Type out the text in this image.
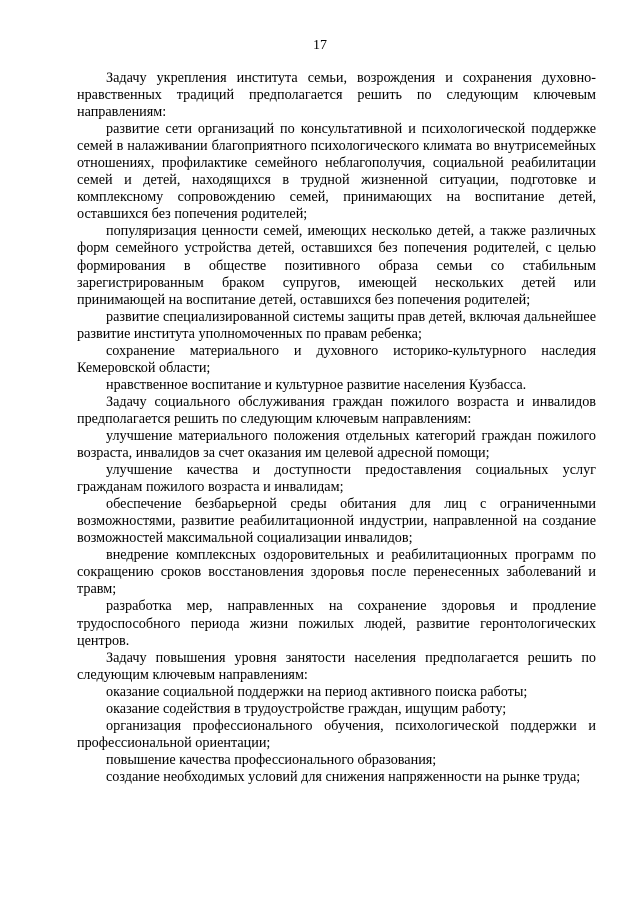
17

Задачу укрепления института семьи, возрождения и сохранения духовно-нравственных традиций предполагается решить по следующим ключевым направлениям:

развитие сети организаций по консультативной и психологической поддержке семей в налаживании благоприятного психологического климата во внутрисемейных отношениях, профилактике семейного неблагополучия, социальной реабилитации семей и детей, находящихся в трудной жизненной ситуации, подготовке и комплексному сопровождению семей, принимающих на воспитание детей, оставшихся без попечения родителей;

популяризация ценности семей, имеющих несколько детей, а также различных форм семейного устройства детей, оставшихся без попечения родителей, с целью формирования в обществе позитивного образа семьи со стабильным зарегистрированным браком супругов, имеющей нескольких детей или принимающей на воспитание детей, оставшихся без попечения родителей;

развитие специализированной системы защиты прав детей, включая дальнейшее развитие института уполномоченных по правам ребенка;

сохранение материального и духовного историко-культурного наследия Кемеровской области;

нравственное воспитание и культурное развитие населения Кузбасса.

Задачу социального обслуживания граждан пожилого возраста и инвалидов предполагается решить по следующим ключевым направлениям:

улучшение материального положения отдельных категорий граждан пожилого возраста, инвалидов за счет оказания им целевой адресной помощи;

улучшение качества и доступности предоставления социальных услуг гражданам пожилого возраста и инвалидам;

обеспечение безбарьерной среды обитания для лиц с ограниченными возможностями, развитие реабилитационной индустрии, направленной на создание возможностей максимальной социализации инвалидов;

внедрение комплексных оздоровительных и реабилитационных программ по сокращению сроков восстановления здоровья после перенесенных заболеваний и травм;

разработка мер, направленных на сохранение здоровья и продление трудоспособного периода жизни пожилых людей, развитие геронтологических центров.

Задачу повышения уровня занятости населения предполагается решить по следующим ключевым направлениям:

оказание социальной поддержки на период активного поиска работы;

оказание содействия в трудоустройстве граждан, ищущим работу;

организация профессионального обучения, психологической поддержки и профессиональной ориентации;

повышение качества профессионального образования;

создание необходимых условий для снижения напряженности на рынке труда;
